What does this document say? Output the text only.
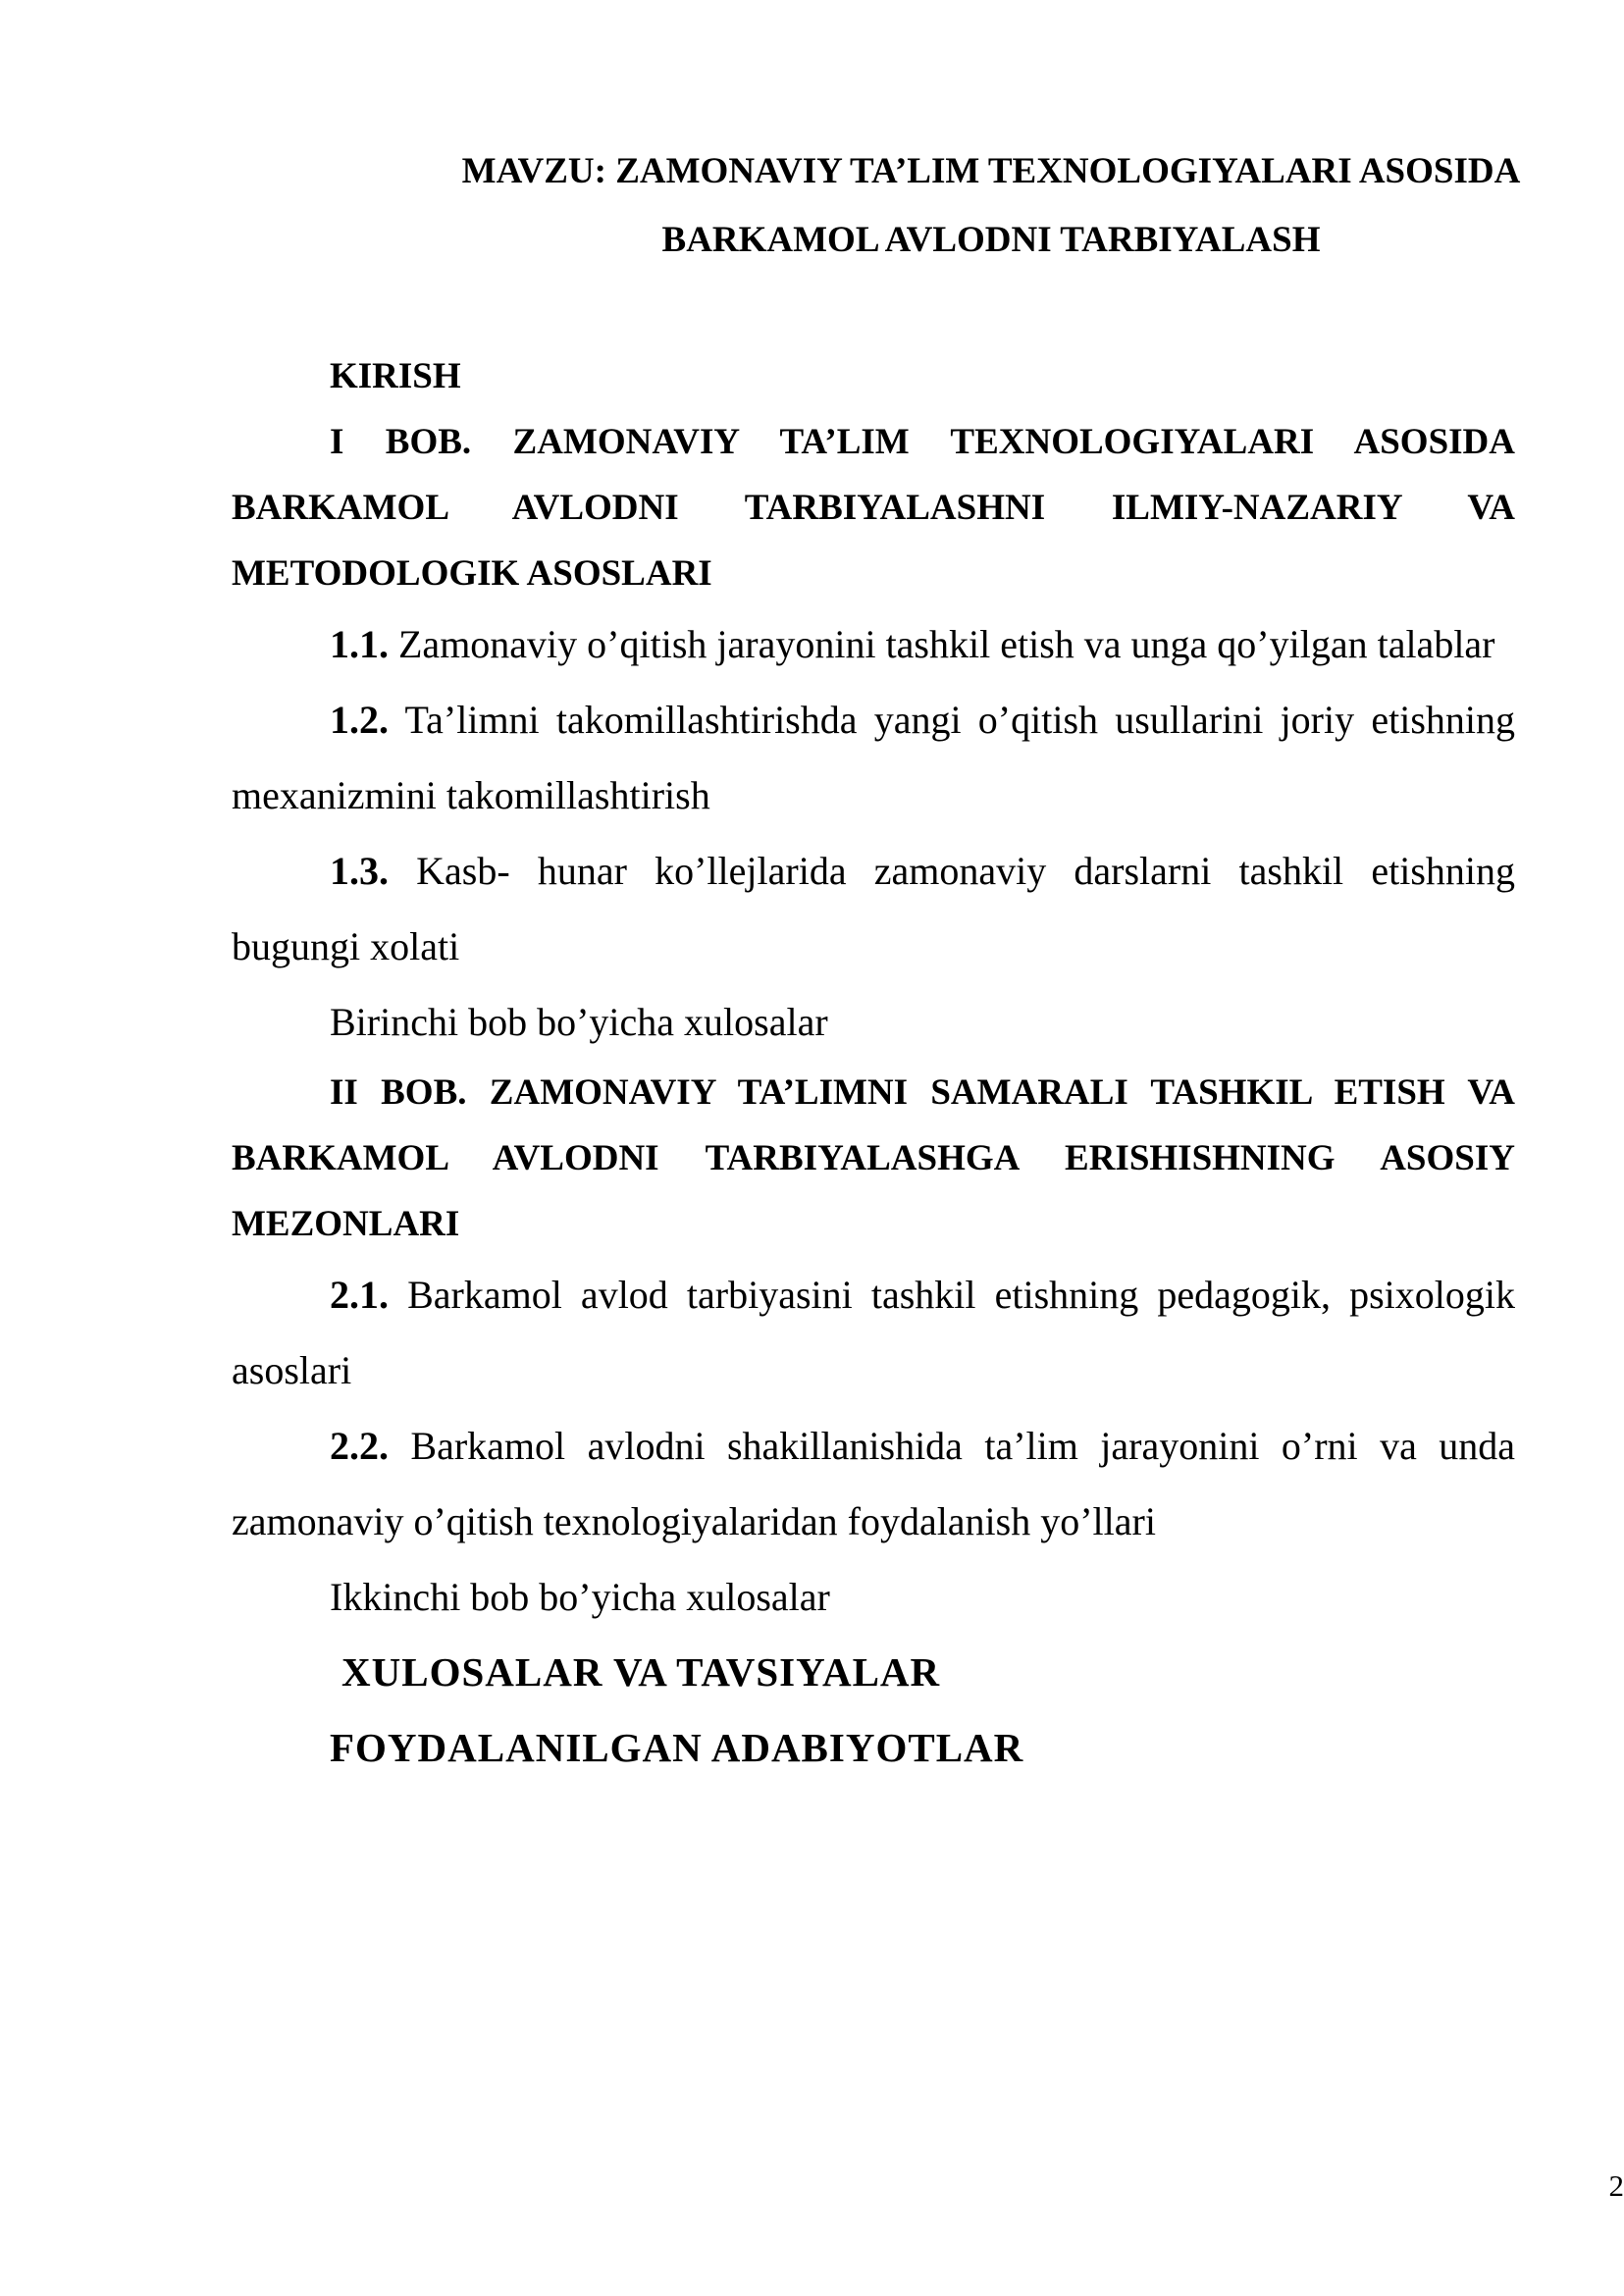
MAVZU: ZAMONAVIY TA’LIM TEXNOLOGIYALARI ASOSIDA
BARKAMOL AVLODNI TARBIYALASH

KIRISH

I BOB. ZAMONAVIY TA’LIM TEXNOLOGIYALARI ASOSIDA BARKAMOL AVLODNI TARBIYALASHNI ILMIY-NAZARIY VA METODOLOGIK ASOSLARI

1.1. Zamonaviy o’qitish jarayonini tashkil etish va unga qo’yilgan talablar

1.2. Ta’limni takomillashtirishda yangi o’qitish usullarini joriy etishning mexanizmini takomillashtirish

1.3. Kasb- hunar ko’llejlarida zamonaviy darslarni tashkil etishning bugungi xolati

Birinchi bob bo’yicha xulosalar

II BOB. ZAMONAVIY TA’LIMNI SAMARALI TASHKIL ETISH VA BARKAMOL AVLODNI TARBIYALASHGA ERISHISHNING ASOSIY MEZONLARI

2.1. Barkamol avlod tarbiyasini tashkil etishning pedagogik, psixologik asoslari

2.2. Barkamol avlodni shakillanishida ta’lim jarayonini o’rni va unda zamonaviy o’qitish texnologiyalaridan foydalanish yo’llari

Ikkinchi bob bo’yicha xulosalar

XULOSALAR VA TAVSIYALAR

FOYDALANILGAN ADABIYOTLAR

2
